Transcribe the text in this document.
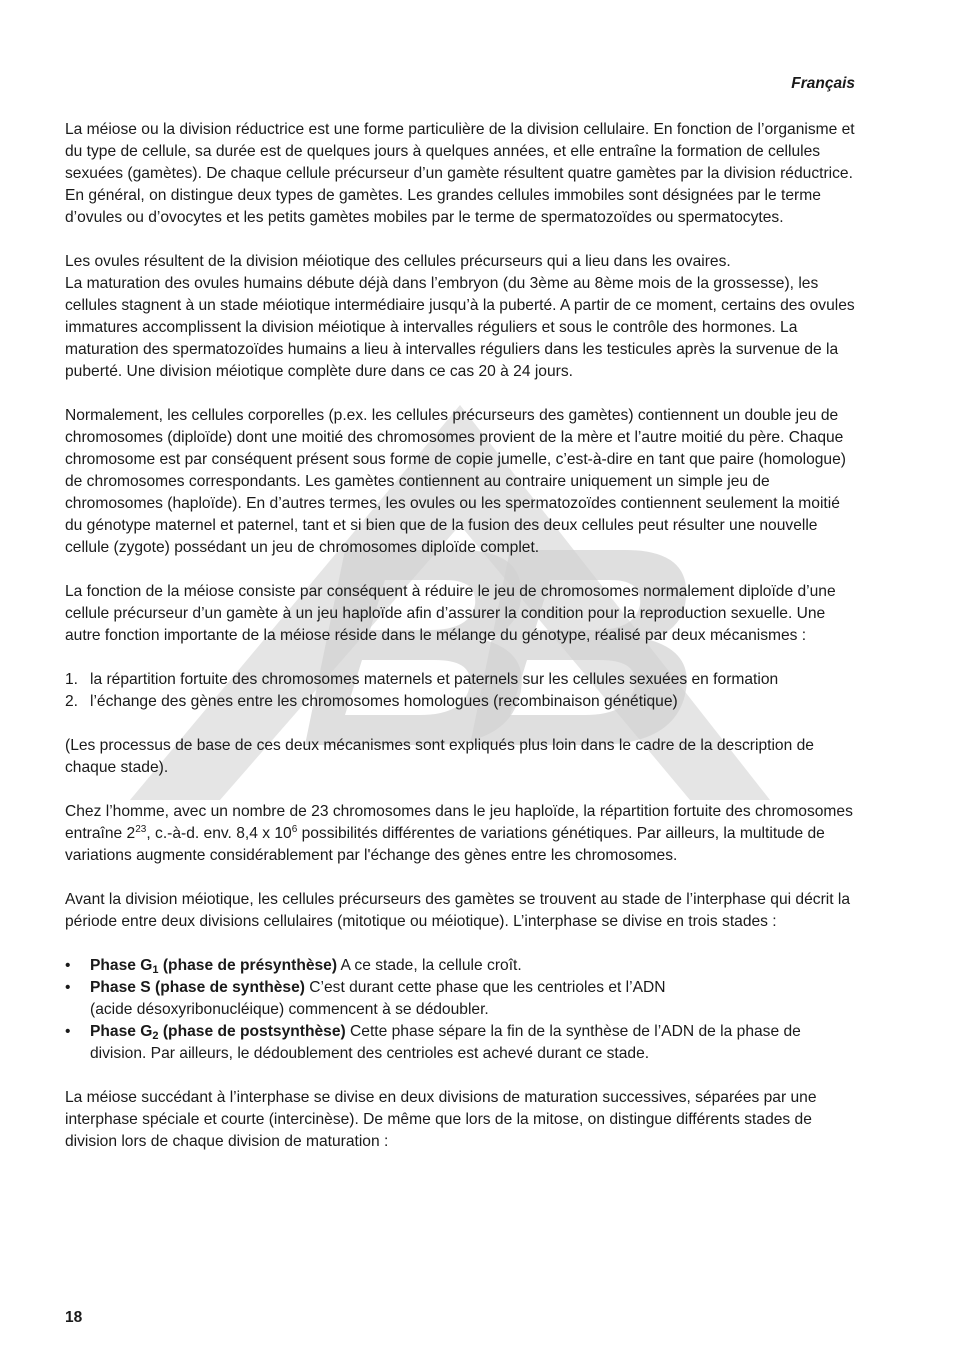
Français

La méiose ou la division réductrice est une forme particulière de la division cellulaire. En fonction de l’organisme et du type de cellule, sa durée est de quelques jours à quelques années, et elle entraîne la formation de cellules sexuées (gamètes). De chaque cellule précurseur d’un gamète résultent quatre gamètes par la division réductrice. En général, on distingue deux types de gamètes. Les grandes cellules immobiles sont désignées par le terme d’ovules ou d’ovocytes et les petits gamètes mobiles par le terme de spermatozoïdes ou spermatocytes.

Les ovules résultent de la division méiotique des cellules précurseurs qui a lieu dans les ovaires.
La maturation des ovules humains débute déjà dans l’embryon (du 3ème au 8ème mois de la grossesse), les cellules stagnent à un stade méiotique intermédiaire jusqu’à la puberté. A partir de ce moment, certains des ovules immatures accomplissent la division méiotique à intervalles réguliers et sous le contrôle des hormones. La maturation des spermatozoïdes humains a lieu à intervalles réguliers dans les testicules après la survenue de la puberté. Une division méiotique complète dure dans ce cas 20 à 24 jours.

Normalement, les cellules corporelles (p.ex. les cellules précurseurs des gamètes) contiennent un double jeu de chromosomes (diploïde) dont une moitié des chromosomes provient de la mère et l’autre moitié du père. Chaque chromosome est par conséquent présent sous forme de copie jumelle, c’est-à-dire en tant que paire (homologue) de chromosomes correspondants. Les gamètes contiennent au contraire uniquement un simple jeu de chromosomes (haploïde). En d’autres termes, les ovules ou les spermatozoïdes contiennent seulement la moitié du génotype maternel et paternel, tant et si bien que de la fusion des deux cellules peut résulter une nouvelle cellule (zygote) possédant un jeu de chromosomes diploïde complet.

La fonction de la méiose consiste par conséquent à réduire le jeu de chromosomes normalement diploïde d’une cellule précurseur d’un gamète à un jeu haploïde afin d’assurer la condition pour la reproduction sexuelle. Une autre fonction importante de la méiose réside dans le mélange du génotype, réalisé par deux mécanismes :

1. la répartition fortuite des chromosomes maternels et paternels sur les cellules sexuées en formation
2. l’échange des gènes entre les chromosomes homologues (recombinaison génétique)

(Les processus de base de ces deux mécanismes sont expliqués plus loin dans le cadre de la description de chaque stade).

Chez l’homme, avec un nombre de 23 chromosomes dans le jeu haploïde, la répartition fortuite des chromosomes entraîne $2^{23}$, c.-à-d. env. 8,4 x $10^6$ possibilités différentes de variations génétiques. Par ailleurs, la multitude de variations augmente considérablement par l'échange des gènes entre les chromosomes.

Avant la division méiotique, les cellules précurseurs des gamètes se trouvent au stade de l’interphase qui décrit la période entre deux divisions cellulaires (mitotique ou méiotique). L’interphase se divise en trois stades :

• Phase $G_1$ (phase de présynthèse) A ce stade, la cellule croît.
• Phase S (phase de synthèse) C’est durant cette phase que les centrioles et l’ADN
(acide désoxyribonucléique) commencent à se dédoubler.
• Phase $G_2$ (phase de postsynthèse) Cette phase sépare la fin de la synthèse de l’ADN de la phase de division. Par ailleurs, le dédoublement des centrioles est achevé durant ce stade.

La méiose succédant à l’interphase se divise en deux divisions de maturation successives, séparées par une interphase spéciale et courte (intercinèse). De même que lors de la mitose, on distingue différents stades de division lors de chaque division de maturation :

18
